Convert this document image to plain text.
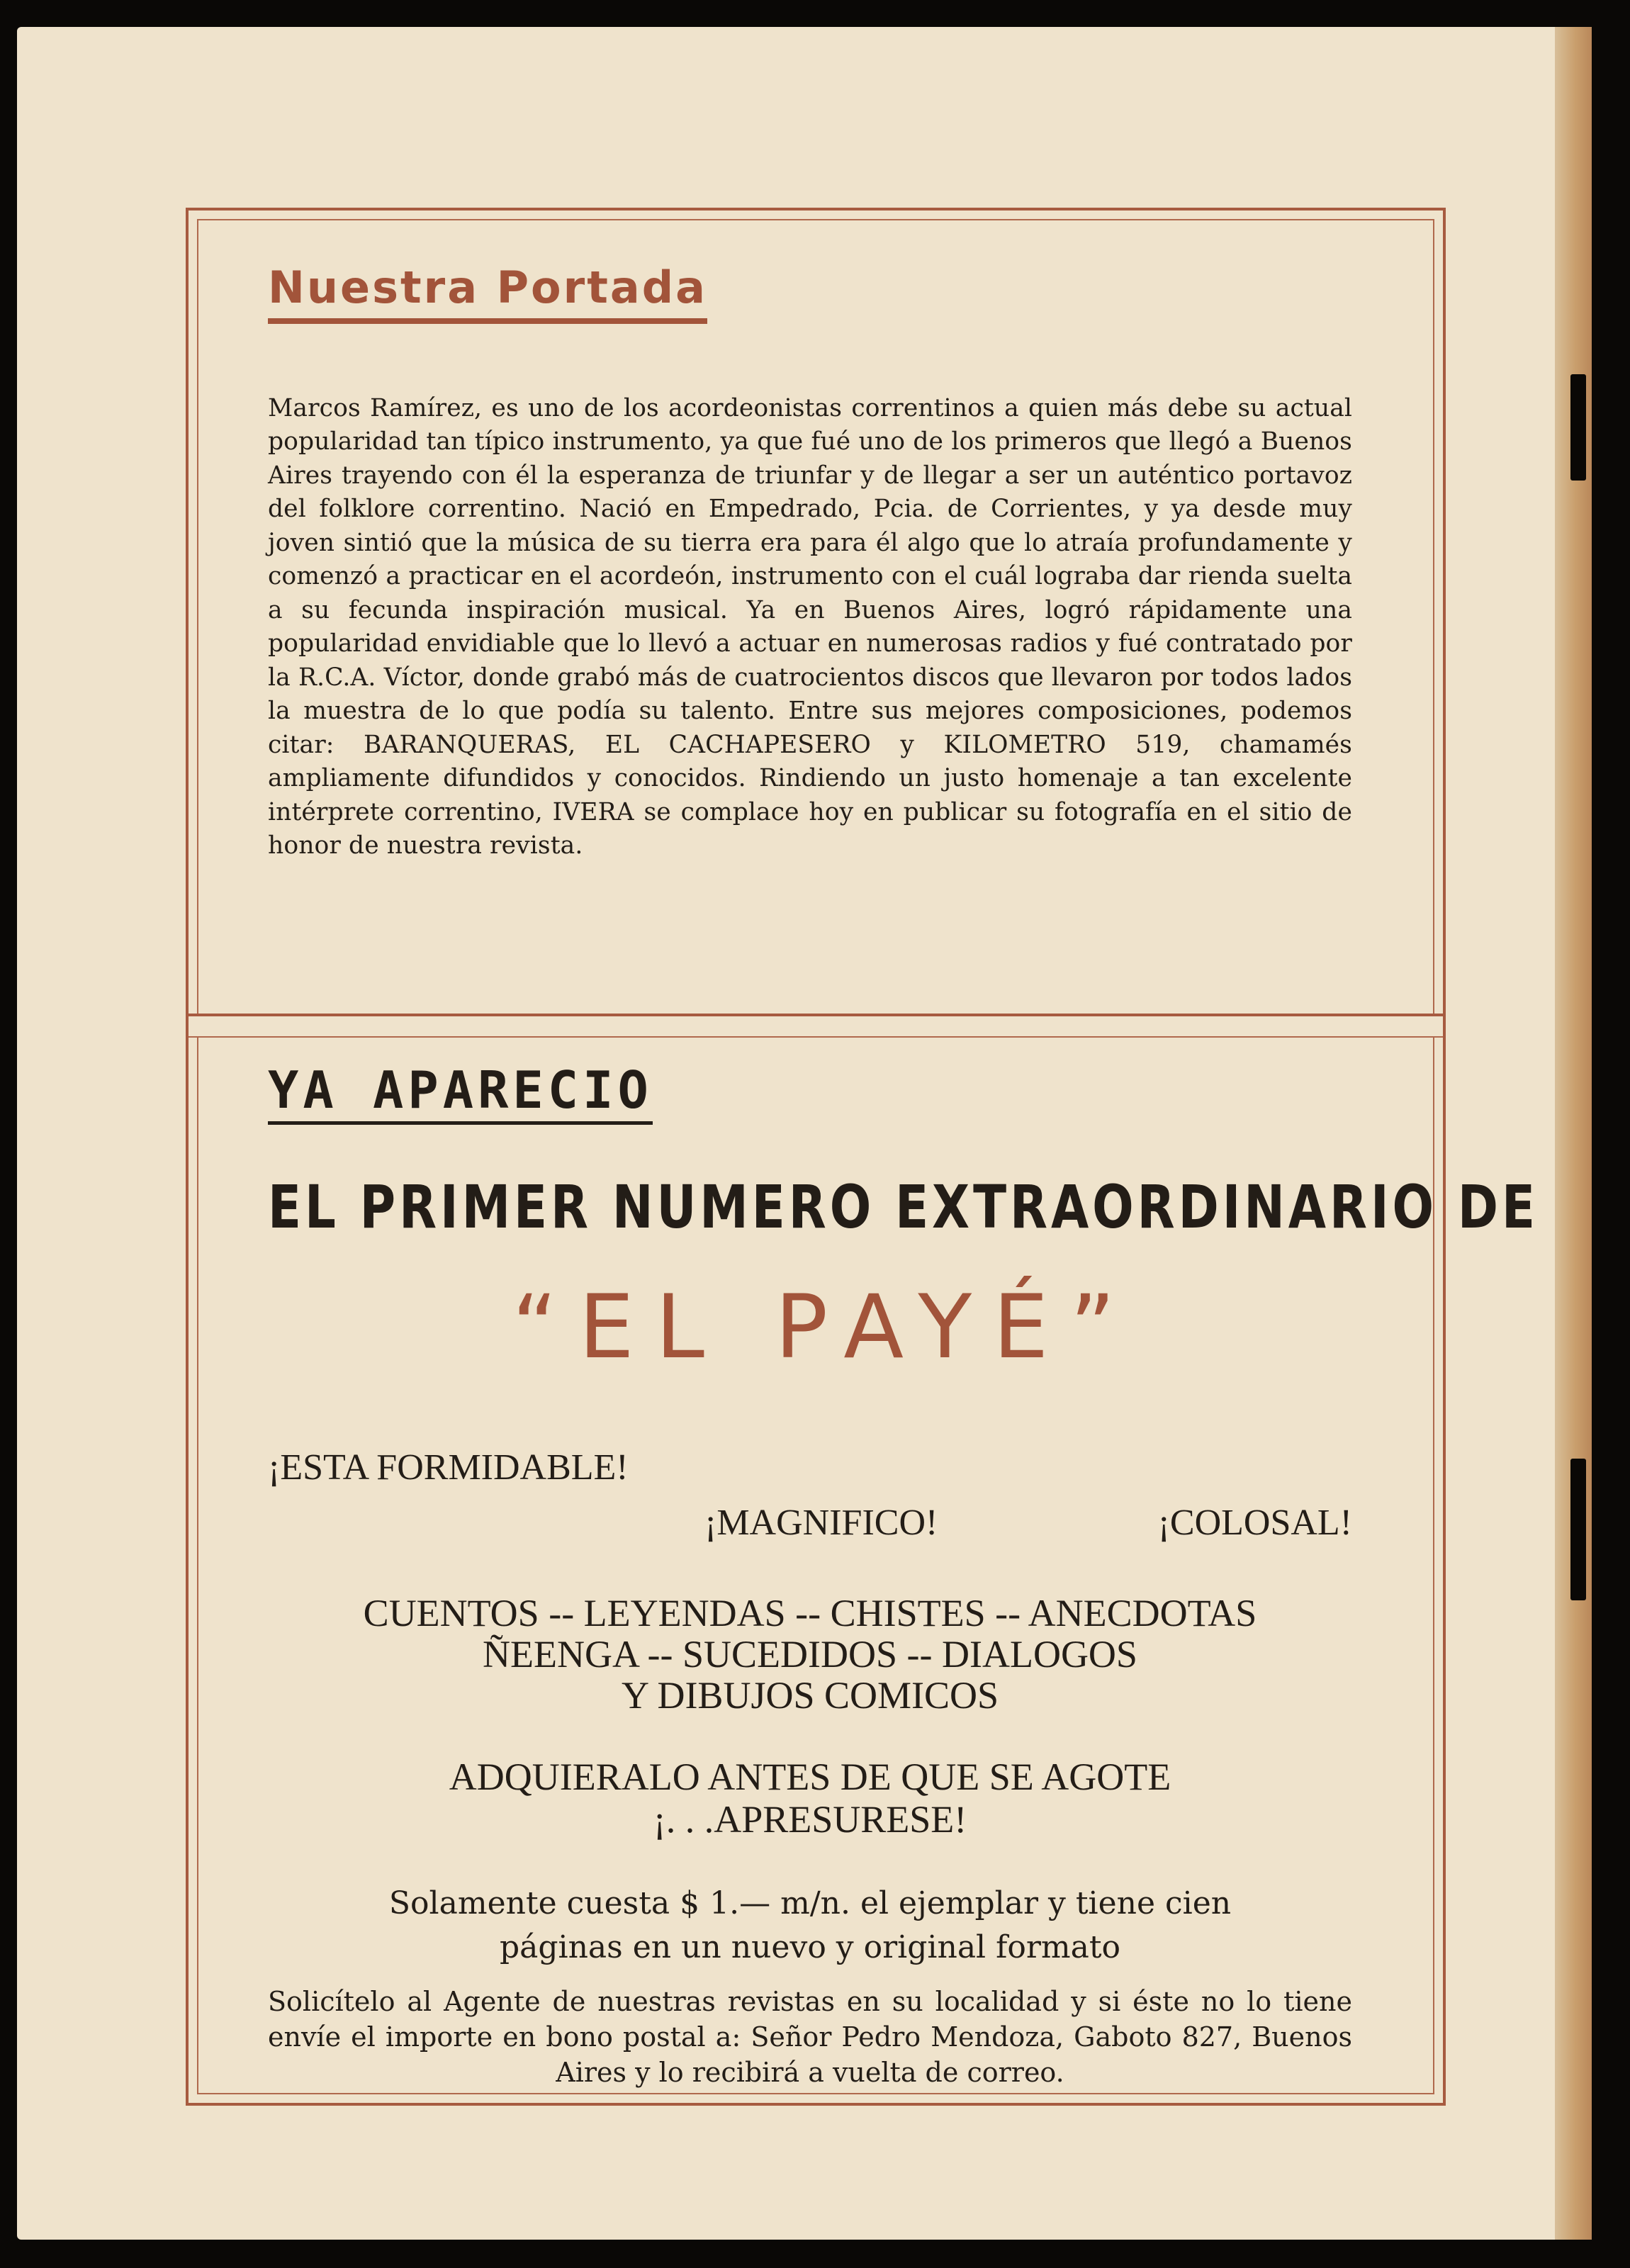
Nuestra Portada

Marcos Ramírez, es uno de los acordeonistas correntinos a quien más debe su actual popularidad tan típico instrumento, ya que fué uno de los primeros que llegó a Buenos Aires trayendo con él la esperanza de triunfar y de llegar a ser un auténtico portavoz del folklore correntino. Nació en Empedrado, Pcia. de Corrientes, y ya desde muy joven sintió que la música de su tierra era para él algo que lo atraía profundamente y comenzó a practicar en el acordeón, instrumento con el cuál lograba dar rienda suelta a su fecunda inspiración musical. Ya en Buenos Aires, logró rápidamente una popularidad envidiable que lo llevó a actuar en numerosas radios y fué contratado por la R.C.A. Víctor, donde grabó más de cuatrocientos discos que llevaron por todos lados la muestra de lo que podía su talento. Entre sus mejores composiciones, podemos citar: BARANQUERAS, EL CACHAPESERO y KILOMETRO 519, chamamés ampliamente difundidos y conocidos. Rindiendo un justo homenaje a tan excelente intérprete correntino, IVERA se complace hoy en publicar su fotografía en el sitio de honor de nuestra revista.

YA APARECIO
EL PRIMER NUMERO EXTRAORDINARIO DE
“EL PAYÉ”
¡ESTA FORMIDABLE!
¡MAGNIFICO!	¡COLOSAL!
CUENTOS -- LEYENDAS -- CHISTES -- ANECDOTAS
ÑEENGA -- SUCEDIDOS -- DIALOGOS
Y DIBUJOS COMICOS
ADQUIERALO ANTES DE QUE SE AGOTE
¡. . .APRESURESE!
Solamente cuesta $ 1.— m/n. el ejemplar y tiene cien
páginas en un nuevo y original formato

Solicítelo al Agente de nuestras revistas en su localidad y si éste no lo tiene envíe el importe en bono postal a: Señor Pedro Mendoza, Gaboto 827, Buenos Aires y lo recibirá a vuelta de correo.
